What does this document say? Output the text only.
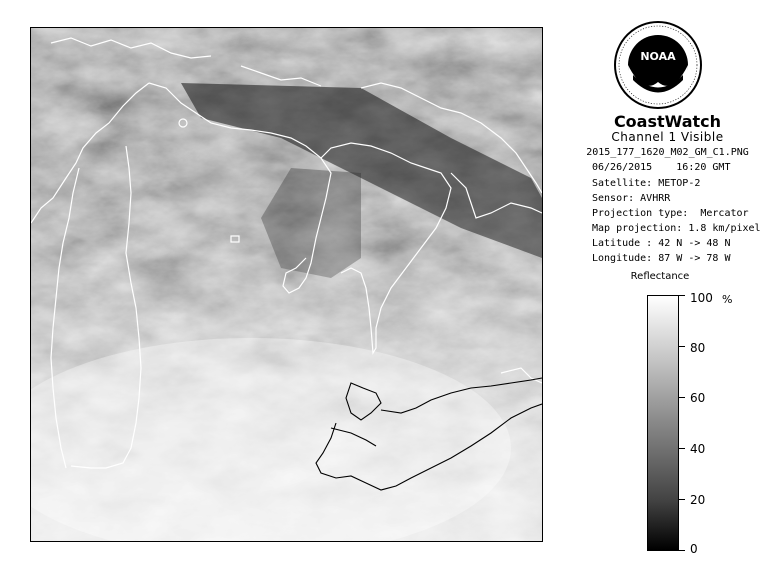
NOAA
CoastWatch
Channel 1 Visible
2015_177_1620_M02_GM_C1.PNG
06/26/2015    16:20 GMT
Satellite: METOP-2
Sensor: AVHRR
Projection type:  Mercator
Map projection: 1.8 km/pixel
Latitude : 42 N -> 48 N
Longitude: 87 W -> 78 W
Reflectance
%
100
80
60
40
20
0
